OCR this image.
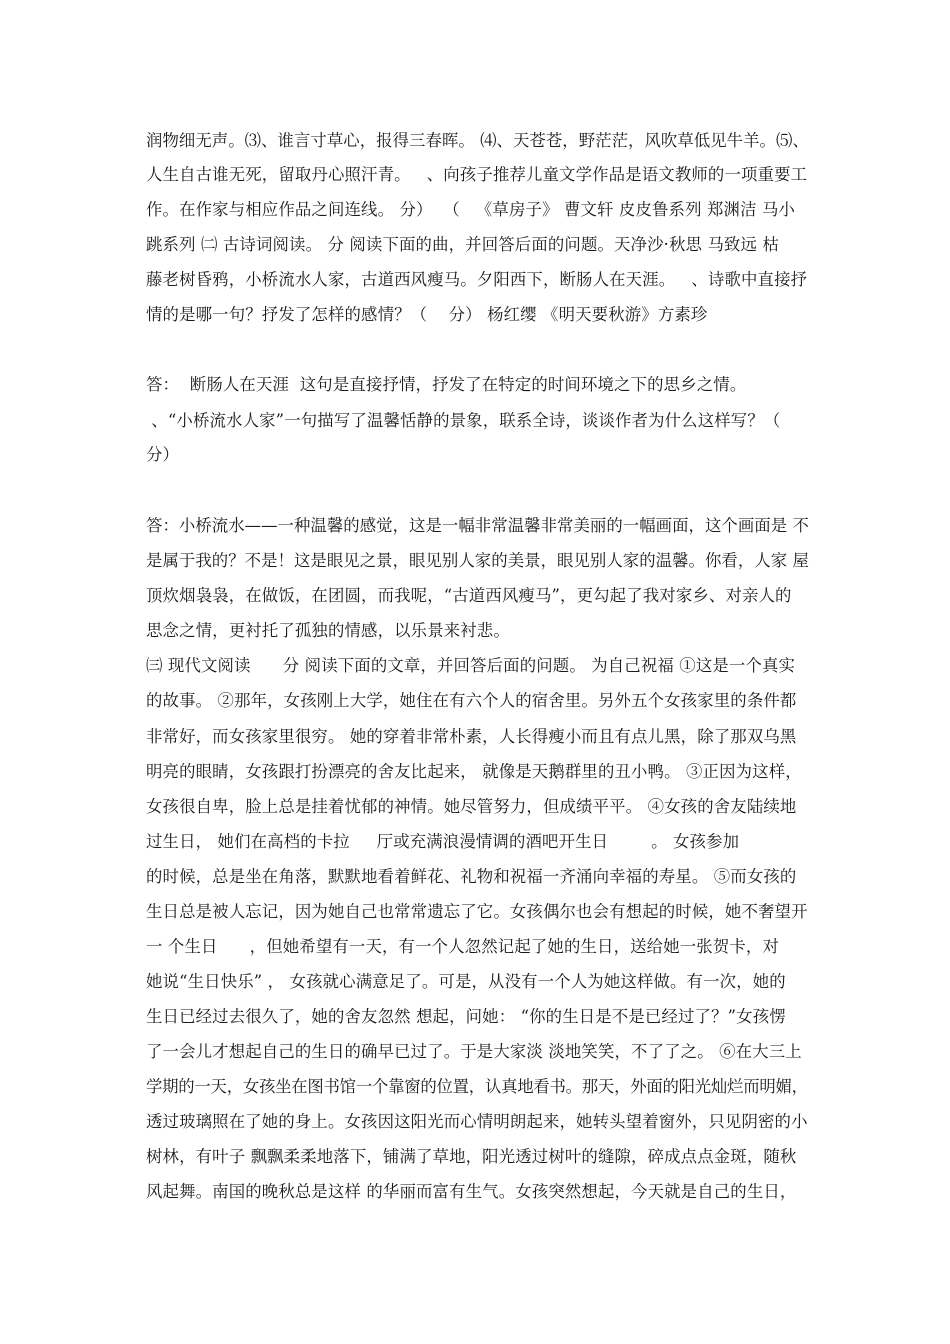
润物细无声。⑶、谁言寸草心，报得三春晖。 ⑷、天苍苍，野茫茫，风吹草低见牛羊。⑸、
人生自古谁无死，留取丹心照汗青。   、向孩子推荐儿童文学作品是语文教师的一项重要工
作。在作家与相应作品之间连线。 分）  （   《草房子》 曹文轩 皮皮鲁系列 郑渊洁 马小
跳系列 ㈡ 古诗词阅读。 分 阅读下面的曲，并回答后面的问题。天净沙·秋思 马致远 枯
藤老树昏鸦，小桥流水人家，古道西风瘦马。夕阳西下，断肠人在天涯。   、诗歌中直接抒
情的是哪一句？抒发了怎样的感情？（    分） 杨红缨 《明天要秋游》方素珍
答：  断肠人在天涯  这句是直接抒情，抒发了在特定的时间环境之下的思乡之情。
、“小桥流水人家”一句描写了温馨恬静的景象，联系全诗，谈谈作者为什么这样写？（
分）
答：小桥流水——一种温馨的感觉，这是一幅非常温馨非常美丽的一幅画面，这个画面是 不
是属于我的？不是！这是眼见之景，眼见别人家的美景，眼见别人家的温馨。你看，人家 屋
顶炊烟袅袅，在做饭，在团圆，而我呢，“古道西风瘦马”，更勾起了我对家乡、对亲人的
思念之情，更衬托了孤独的情感，以乐景来衬悲。
㈢ 现代文阅读      分 阅读下面的文章，并回答后面的问题。 为自己祝福 ①这是一个真实
的故事。 ②那年，女孩刚上大学，她住在有六个人的宿舍里。另外五个女孩家里的条件都
非常好，而女孩家里很穷。 她的穿着非常朴素，人长得瘦小而且有点儿黑，除了那双乌黑
明亮的眼睛，女孩跟打扮漂亮的舍友比起来， 就像是天鹅群里的丑小鸭。 ③正因为这样，
女孩很自卑，脸上总是挂着忧郁的神情。她尽管努力，但成绩平平。 ④女孩的舍友陆续地
过生日， 她们在高档的卡拉     厅或充满浪漫情调的酒吧开生日        。 女孩参加
的时候，总是坐在角落，默默地看着鲜花、礼物和祝福一齐涌向幸福的寿星。 ⑤而女孩的
生日总是被人忘记，因为她自己也常常遗忘了它。女孩偶尔也会有想起的时候，她不奢望开
一 个生日      ，但她希望有一天，有一个人忽然记起了她的生日，送给她一张贺卡，对
她说“生日快乐” ， 女孩就心满意足了。可是，从没有一个人为她这样做。有一次，她的
生日已经过去很久了，她的舍友忽然 想起，问她： “你的生日是不是已经过了？”女孩愣
了一会儿才想起自己的生日的确早已过了。于是大家淡 淡地笑笑，不了了之。 ⑥在大三上
学期的一天，女孩坐在图书馆一个靠窗的位置，认真地看书。那天，外面的阳光灿烂而明媚，
透过玻璃照在了她的身上。女孩因这阳光而心情明朗起来，她转头望着窗外，只见阴密的小
树林，有叶子 飘飘柔柔地落下，铺满了草地，阳光透过树叶的缝隙，碎成点点金斑，随秋
风起舞。南国的晚秋总是这样 的华丽而富有生气。女孩突然想起，今天就是自己的生日，
